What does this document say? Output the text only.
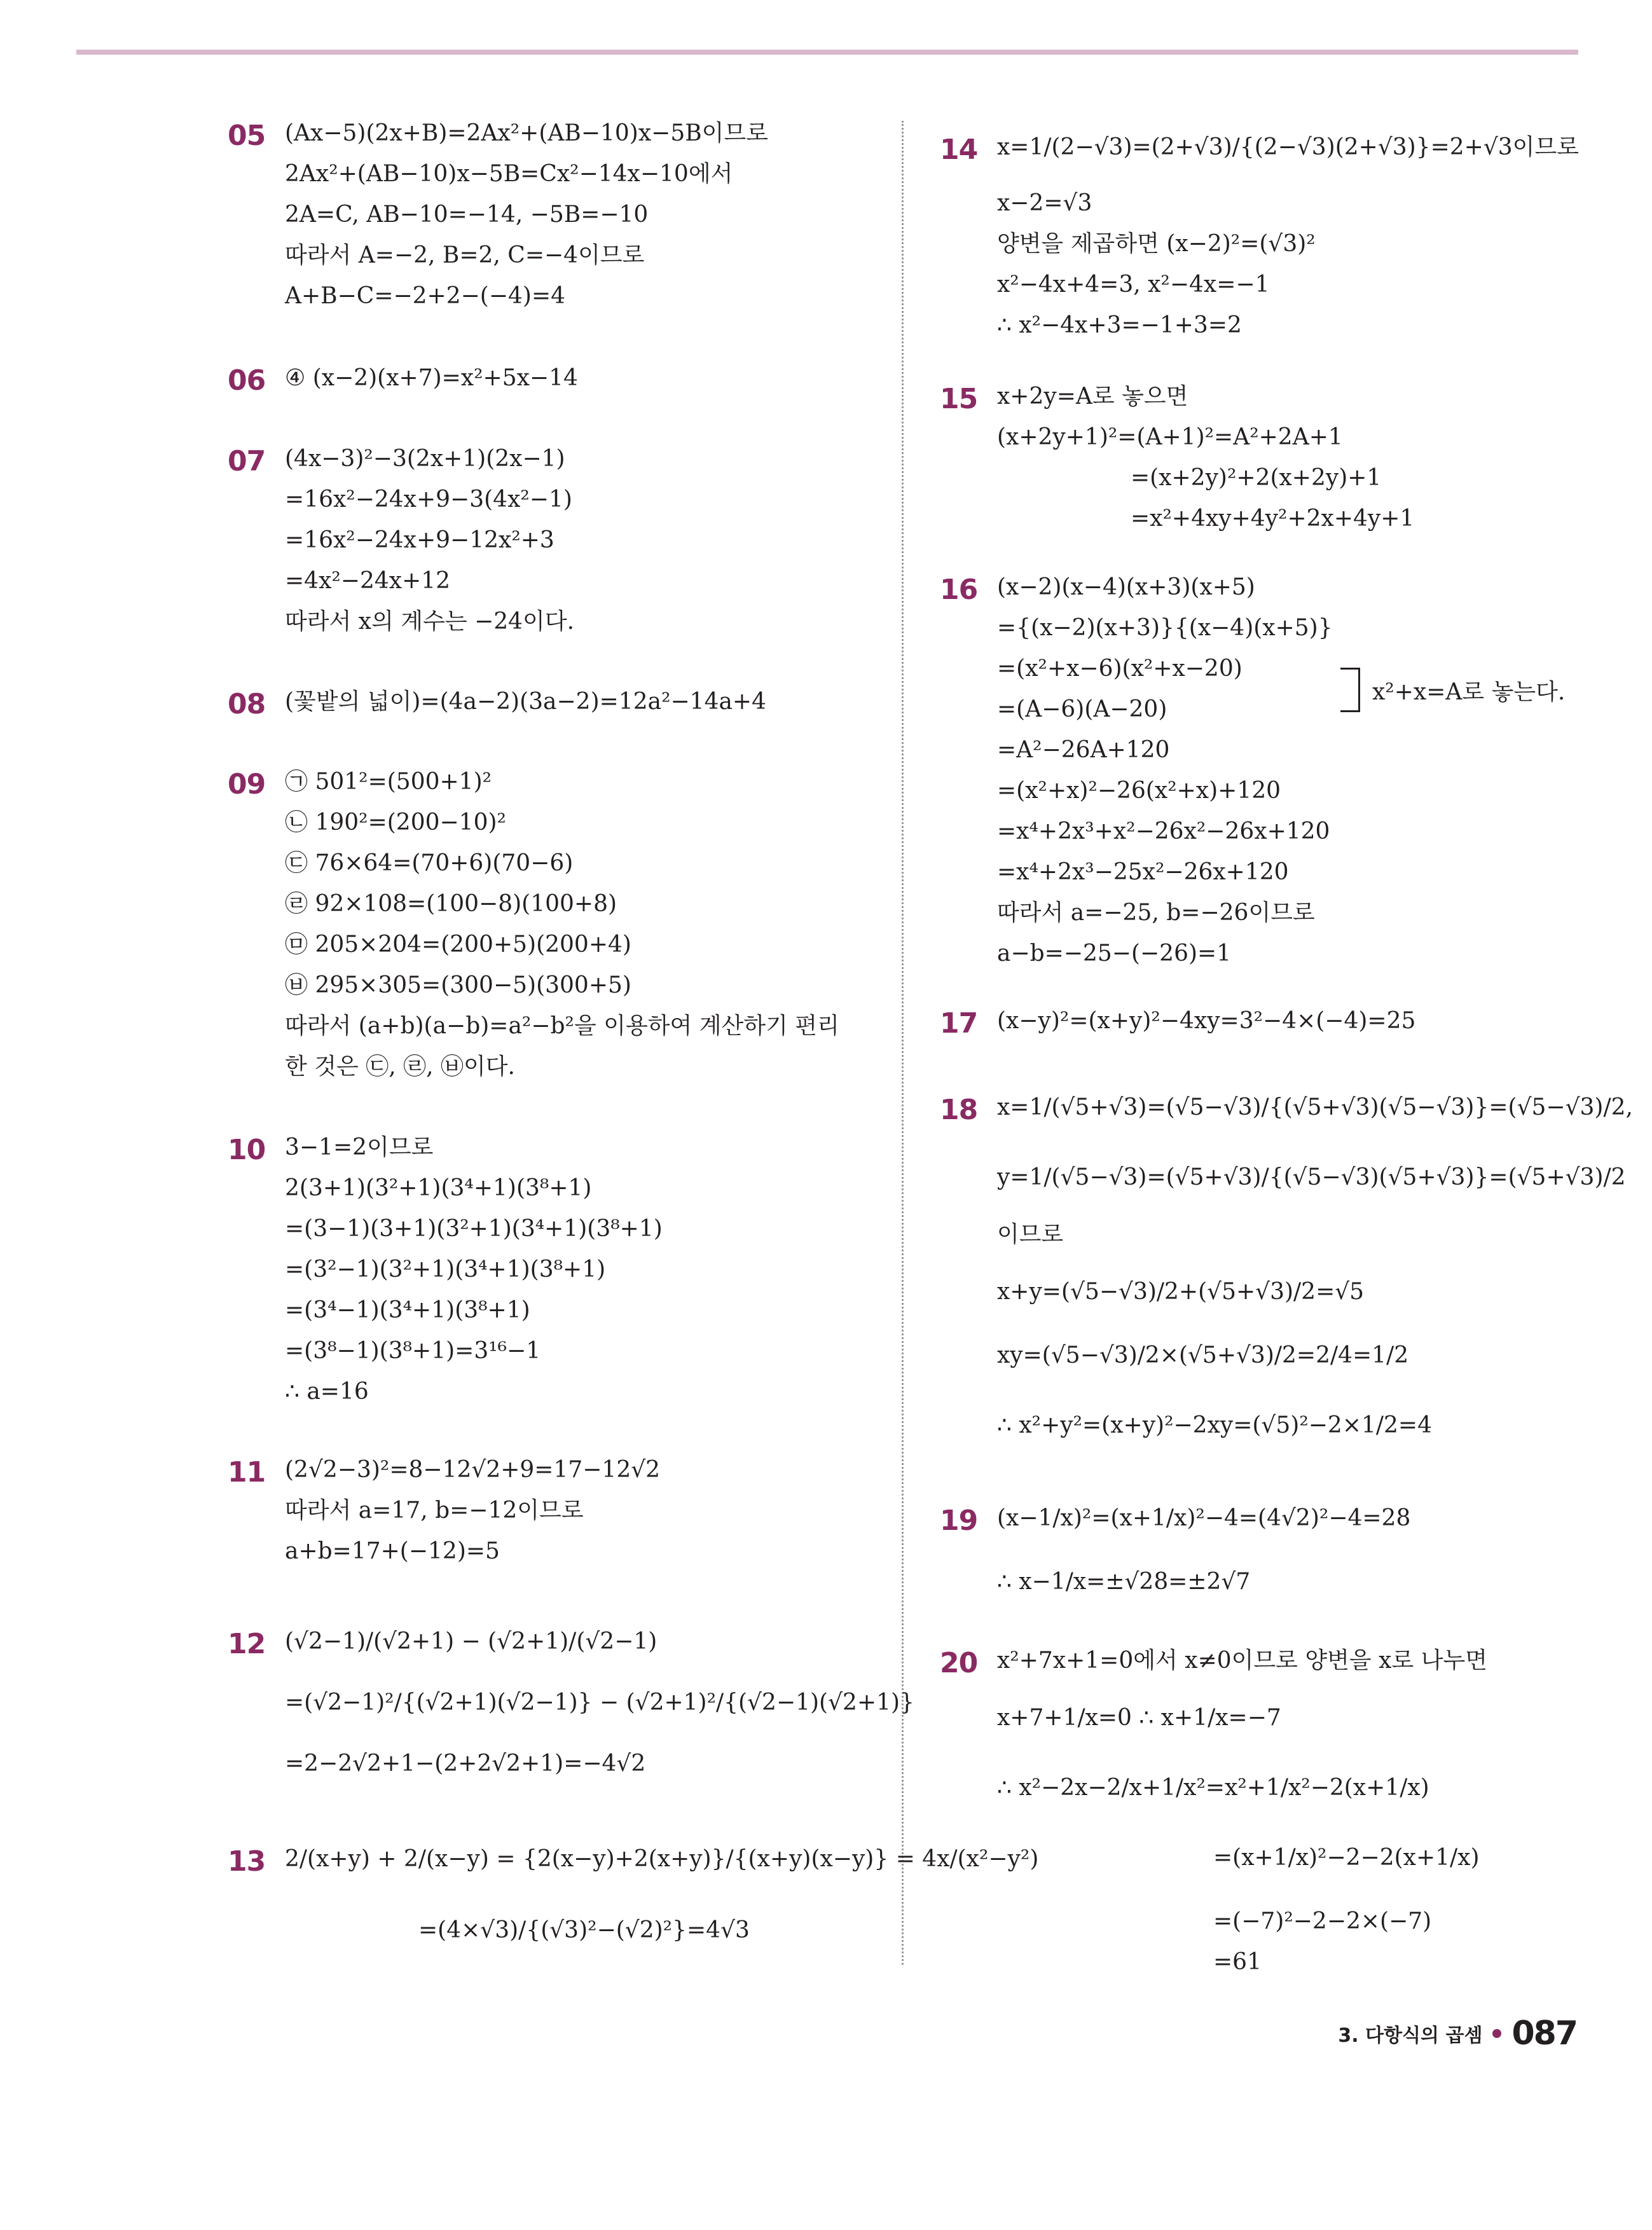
05 (Ax−5)(2x+B)=2Ax²+(AB−10)x−5B이므로
2Ax²+(AB−10)x−5B=Cx²−14x−10에서
2A=C, AB−10=−14, −5B=−10
따라서 A=−2, B=2, C=−4이므로
A+B−C=−2+2−(−4)=4
06 ④ (x−2)(x+7)=x²+5x−14
07 (4x−3)²−3(2x+1)(2x−1)
=16x²−24x+9−3(4x²−1)
=16x²−24x+9−12x²+3
=4x²−24x+12
따라서 x의 계수는 −24이다.
08 (꽃밭의 넓이)=(4a−2)(3a−2)=12a²−14a+4
09 ㉠ 501²=(500+1)²
㉡ 190²=(200−10)²
㉢ 76×64=(70+6)(70−6)
㉣ 92×108=(100−8)(100+8)
㉤ 205×204=(200+5)(200+4)
㉥ 295×305=(300−5)(300+5)
따라서 (a+b)(a−b)=a²−b²을 이용하여 계산하기 편리
한 것은 ㉢, ㉣, ㉥이다.
10 3−1=2이므로
2(3+1)(3²+1)(3⁴+1)(3⁸+1)
=(3−1)(3+1)(3²+1)(3⁴+1)(3⁸+1)
=(3²−1)(3²+1)(3⁴+1)(3⁸+1)
=(3⁴−1)(3⁴+1)(3⁸+1)
=(3⁸−1)(3⁸+1)=3¹⁶−1
∴ a=16
11 (2√2−3)²=8−12√2+9=17−12√2
따라서 a=17, b=−12이므로
a+b=17+(−12)=5
12 (√2−1)/(√2+1) − (√2+1)/(√2−1)
=(√2−1)²/{(√2+1)(√2−1)} − (√2+1)²/{(√2−1)(√2+1)}
=2−2√2+1−(2+2√2+1)=−4√2
13 2/(x+y) + 2/(x−y) = {2(x−y)+2(x+y)}/{(x+y)(x−y)} = 4x/(x²−y²)
=(4×√3)/{(√3)²−(√2)²}=4√3
14 x=1/(2−√3)=(2+√3)/{(2−√3)(2+√3)}=2+√3이므로
x−2=√3
양변을 제곱하면 (x−2)²=(√3)²
x²−4x+4=3, x²−4x=−1
∴ x²−4x+3=−1+3=2
15 x+2y=A로 놓으면
(x+2y+1)²=(A+1)²=A²+2A+1
=(x+2y)²+2(x+2y)+1
=x²+4xy+4y²+2x+4y+1
16 (x−2)(x−4)(x+3)(x+5)
={(x−2)(x+3)}{(x−4)(x+5)}
=(x²+x−6)(x²+x−20)
=(A−6)(A−20)
=A²−26A+120
=(x²+x)²−26(x²+x)+120
=x⁴+2x³+x²−26x²−26x+120
=x⁴+2x³−25x²−26x+120
따라서 a=−25, b=−26이므로
a−b=−25−(−26)=1
x²+x=A로 놓는다.
17 (x−y)²=(x+y)²−4xy=3²−4×(−4)=25
18 x=1/(√5+√3)=(√5−√3)/{(√5+√3)(√5−√3)}=(√5−√3)/2,
y=1/(√5−√3)=(√5+√3)/{(√5−√3)(√5+√3)}=(√5+√3)/2
이므로
x+y=(√5−√3)/2+(√5+√3)/2=√5
xy=(√5−√3)/2×(√5+√3)/2=2/4=1/2
∴ x²+y²=(x+y)²−2xy=(√5)²−2×1/2=4
19 (x−1/x)²=(x+1/x)²−4=(4√2)²−4=28
∴ x−1/x=±√28=±2√7
20 x²+7x+1=0에서 x≠0이므로 양변을 x로 나누면
x+7+1/x=0 ∴ x+1/x=−7
∴ x²−2x−2/x+1/x²=x²+1/x²−2(x+1/x)
=(x+1/x)²−2−2(x+1/x)
=(−7)²−2−2×(−7)
=61
3. 다항식의 곱셈 087
